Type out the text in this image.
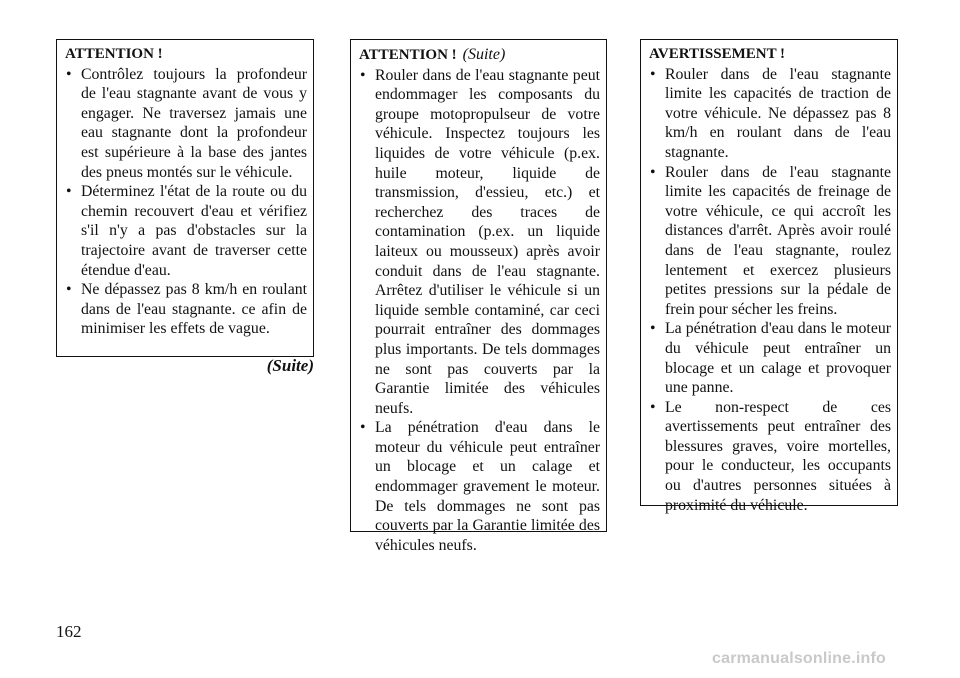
ATTENTION !
• Contrôlez toujours la profondeur de l'eau stagnante avant de vous y engager. Ne traversez jamais une eau stagnante dont la profondeur est supérieure à la base des jantes des pneus montés sur le véhicule.
• Déterminez l'état de la route ou du chemin recouvert d'eau et vérifiez s'il n'y a pas d'obstacles sur la trajectoire avant de traverser cette étendue d'eau.
• Ne dépassez pas 8 km/h en roulant dans de l'eau stagnante. ce afin de minimiser les effets de vague.
(Suite)
ATTENTION ! (Suite)
• Rouler dans de l'eau stagnante peut endommager les composants du groupe motopropulseur de votre véhicule. Inspectez toujours les liquides de votre véhicule (p.ex. huile moteur, liquide de transmission, d'essieu, etc.) et recherchez des traces de contamination (p.ex. un liquide laiteux ou mousseux) après avoir conduit dans de l'eau stagnante. Arrêtez d'utiliser le véhicule si un liquide semble contaminé, car ceci pourrait entraîner des dommages plus importants. De tels dommages ne sont pas couverts par la Garantie limitée des véhicules neufs.
• La pénétration d'eau dans le moteur du véhicule peut entraîner un blocage et un calage et endommager gravement le moteur. De tels dommages ne sont pas couverts par la Garantie limitée des véhicules neufs.
AVERTISSEMENT !
• Rouler dans de l'eau stagnante limite les capacités de traction de votre véhicule. Ne dépassez pas 8 km/h en roulant dans de l'eau stagnante.
• Rouler dans de l'eau stagnante limite les capacités de freinage de votre véhicule, ce qui accroît les distances d'arrêt. Après avoir roulé dans de l'eau stagnante, roulez lentement et exercez plusieurs petites pressions sur la pédale de frein pour sécher les freins.
• La pénétration d'eau dans le moteur du véhicule peut entraîner un blocage et un calage et provoquer une panne.
• Le non-respect de ces avertissements peut entraîner des blessures graves, voire mortelles, pour le conducteur, les occupants ou d'autres personnes situées à proximité du véhicule.
162
carmanualsonline.info
